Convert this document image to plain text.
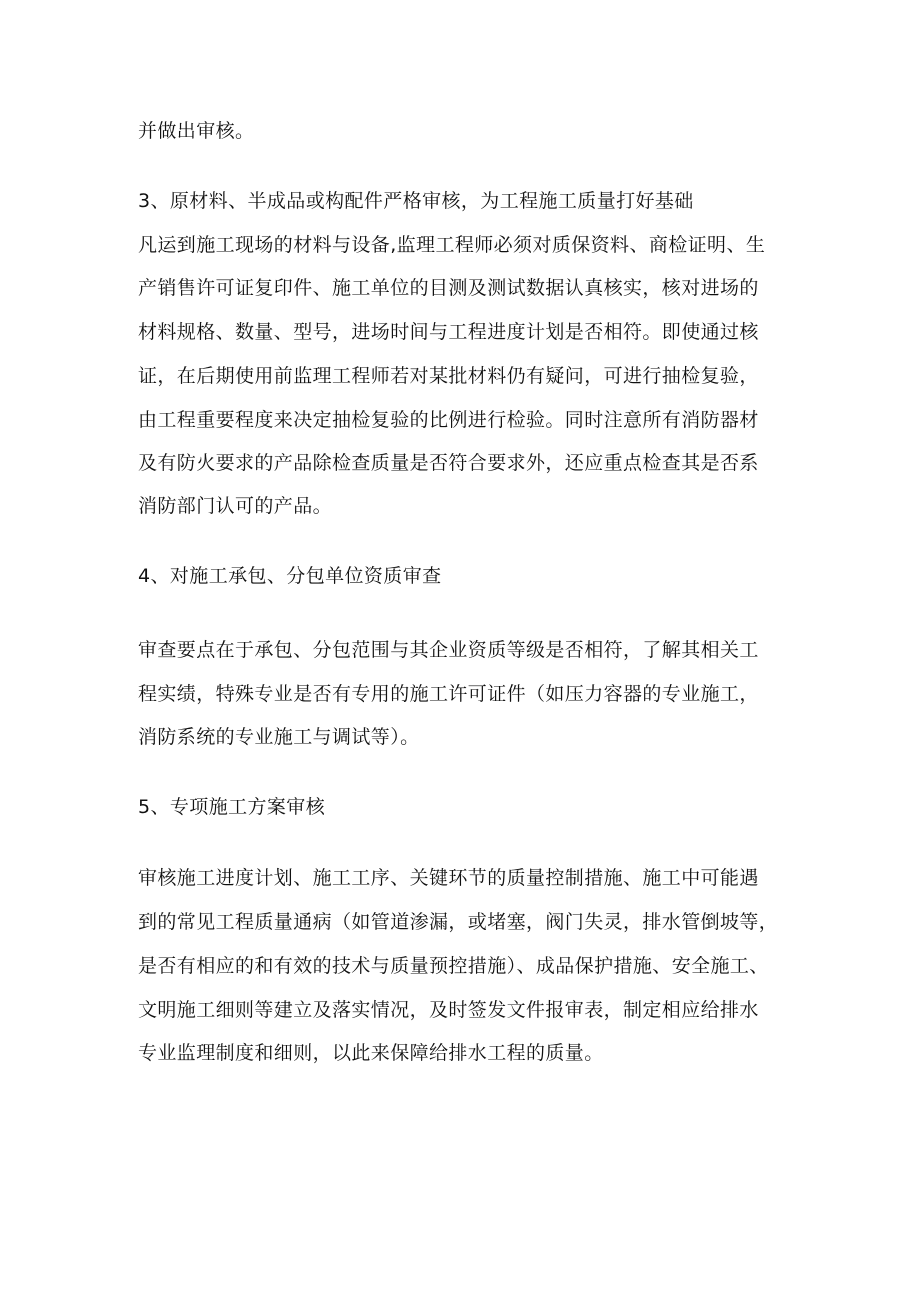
并做出审核。
3、原材料、半成品或构配件严格审核，为工程施工质量打好基础
凡运到施工现场的材料与设备,监理工程师必须对质保资料、商检证明、生
产销售许可证复印件、施工单位的目测及测试数据认真核实，核对进场的
材料规格、数量、型号，进场时间与工程进度计划是否相符。即使通过核
证，在后期使用前监理工程师若对某批材料仍有疑问，可进行抽检复验，
由工程重要程度来决定抽检复验的比例进行检验。同时注意所有消防器材
及有防火要求的产品除检查质量是否符合要求外，还应重点检查其是否系
消防部门认可的产品。
4、对施工承包、分包单位资质审查
审查要点在于承包、分包范围与其企业资质等级是否相符，了解其相关工
程实绩，特殊专业是否有专用的施工许可证件（如压力容器的专业施工，
消防系统的专业施工与调试等）。
5、专项施工方案审核
审核施工进度计划、施工工序、关键环节的质量控制措施、施工中可能遇
到的常见工程质量通病（如管道渗漏，或堵塞，阀门失灵，排水管倒坡等，
是否有相应的和有效的技术与质量预控措施）、成品保护措施、安全施工、
文明施工细则等建立及落实情况，及时签发文件报审表，制定相应给排水
专业监理制度和细则，以此来保障给排水工程的质量。
